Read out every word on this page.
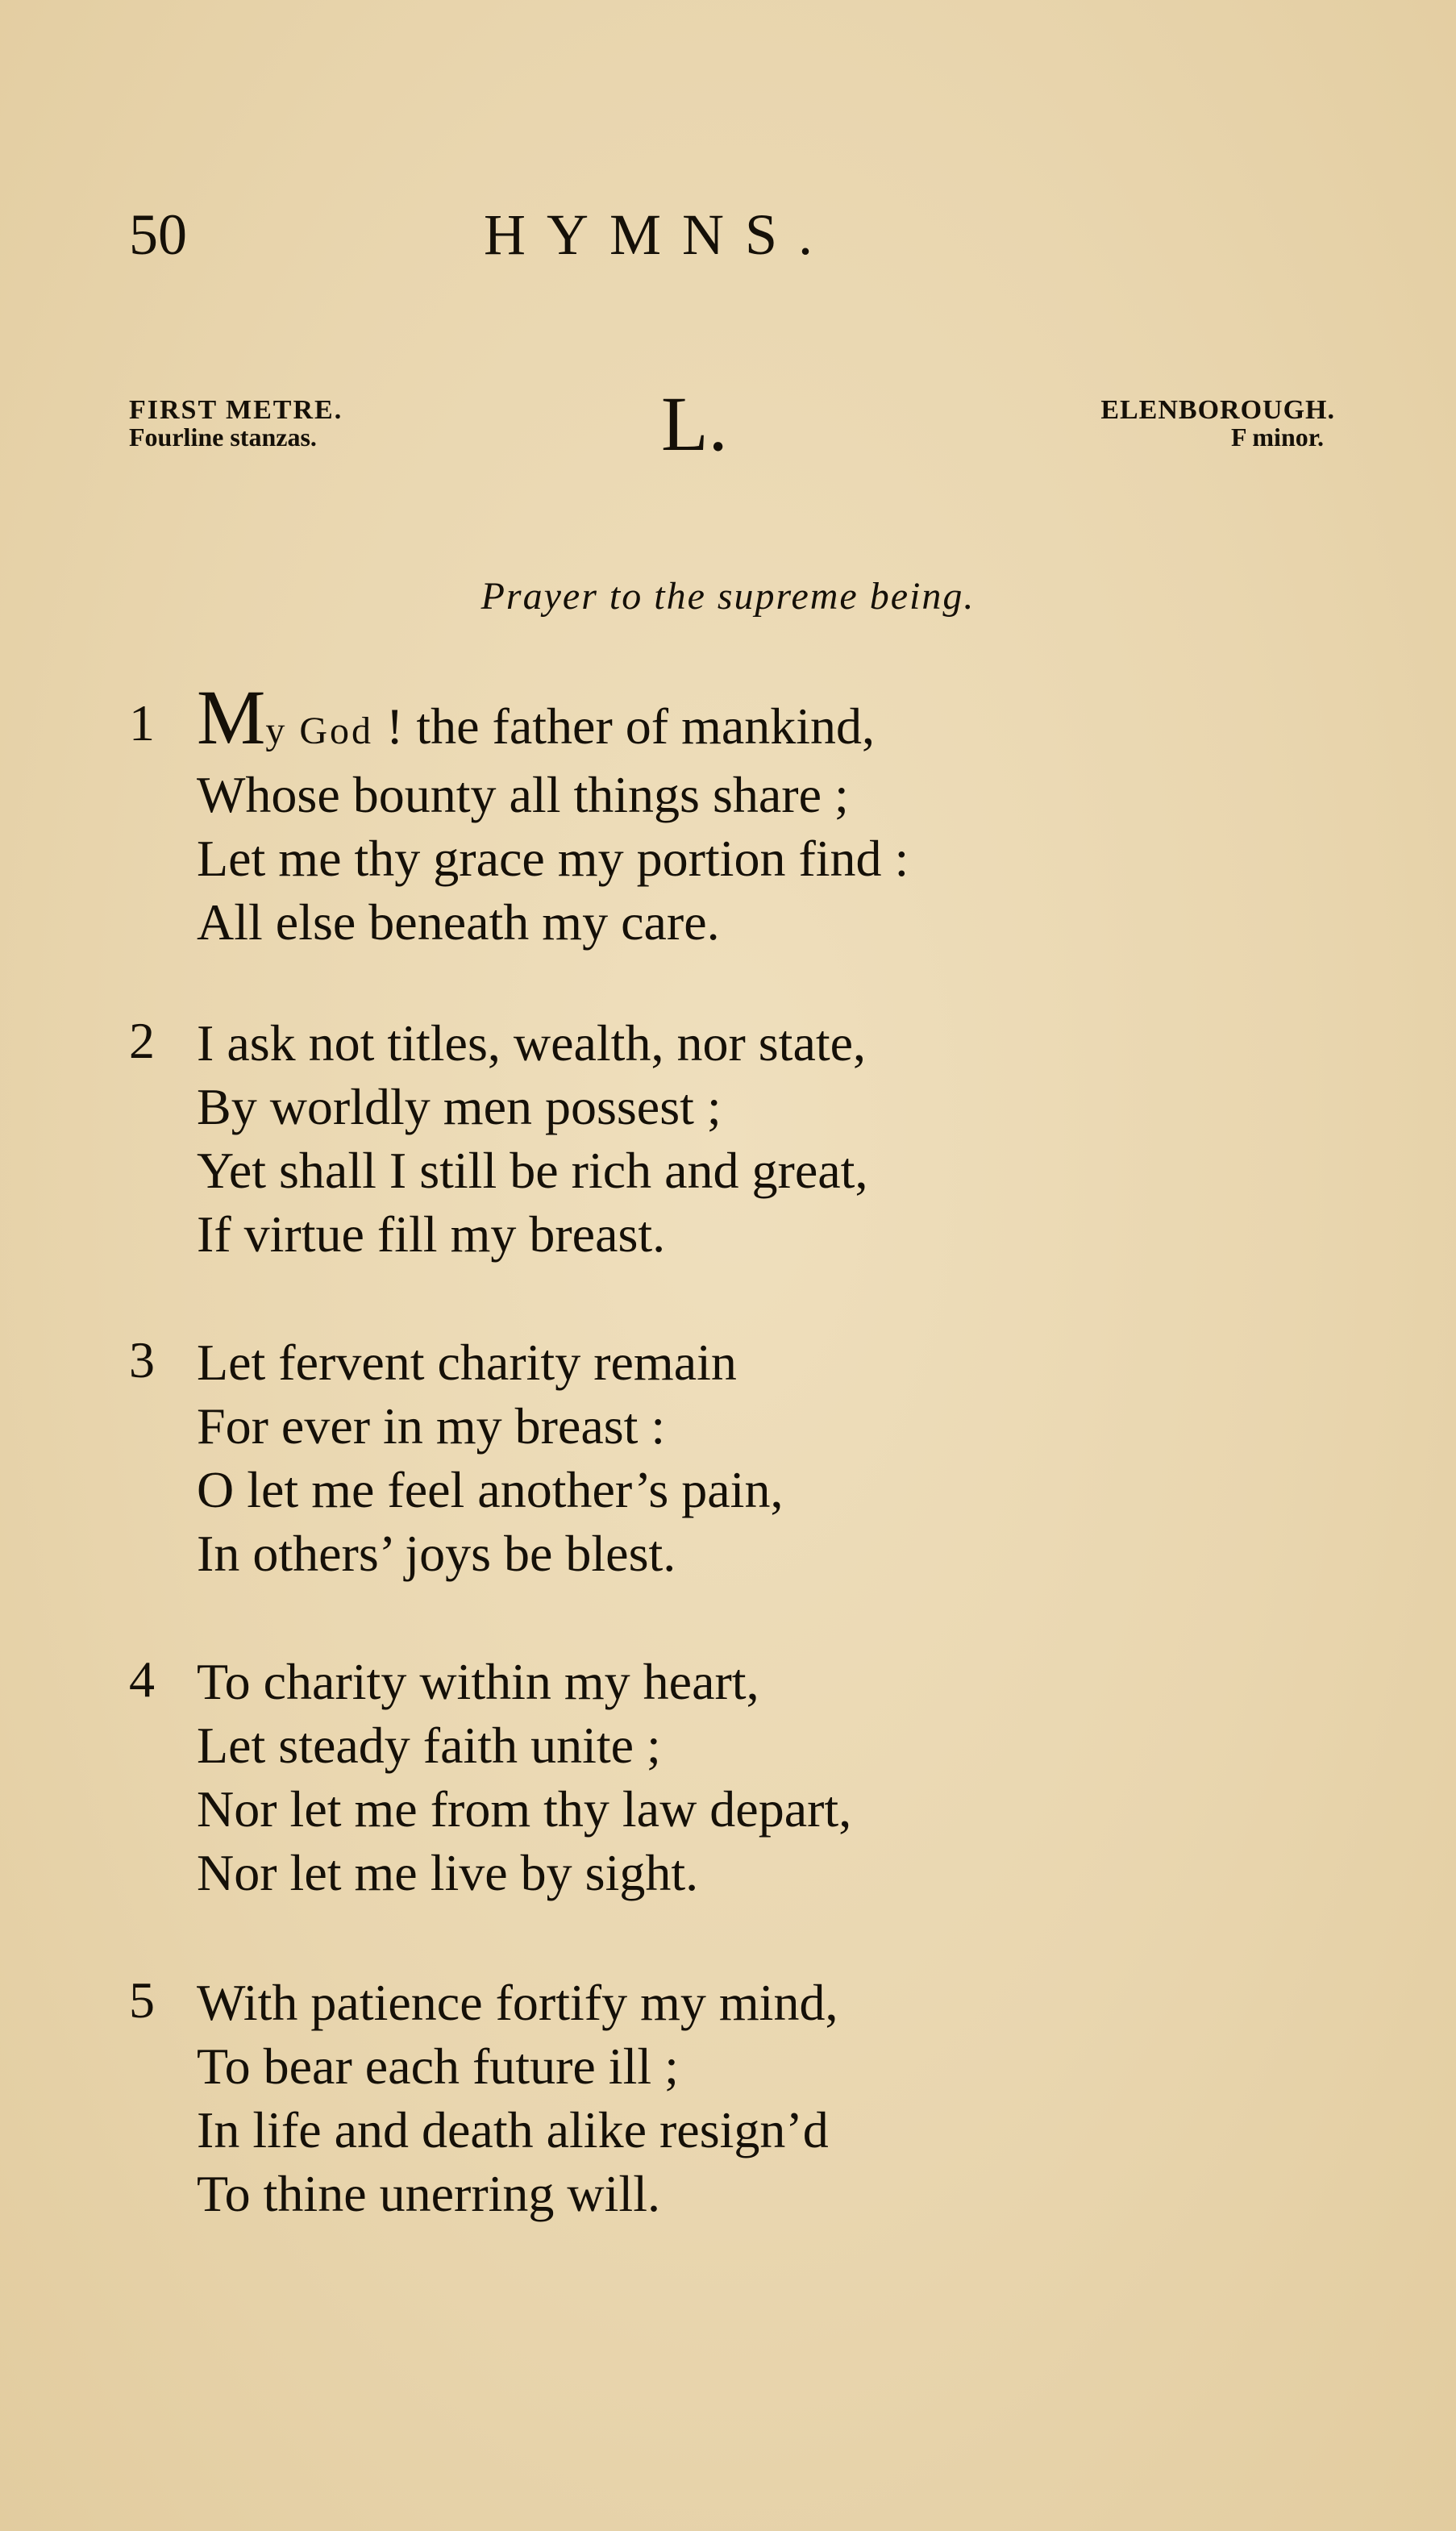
50	HYMNS.
FIRST METRE.
Fourline stanzas.	L.	ELENBOROUGH.
F minor.
Prayer to the supreme being.
1 My God ! the father of mankind,
Whose bounty all things share ;
Let me thy grace my portion find :
All else beneath my care.
2 I ask not titles, wealth, nor state,
By worldly men possest ;
Yet shall I still be rich and great,
If virtue fill my breast.
3 Let fervent charity remain
For ever in my breast :
O let me feel another’s pain,
In others’ joys be blest.
4 To charity within my heart,
Let steady faith unite ;
Nor let me from thy law depart,
Nor let me live by sight.
5 With patience fortify my mind,
To bear each future ill ;
In life and death alike resign’d
To thine unerring will.
